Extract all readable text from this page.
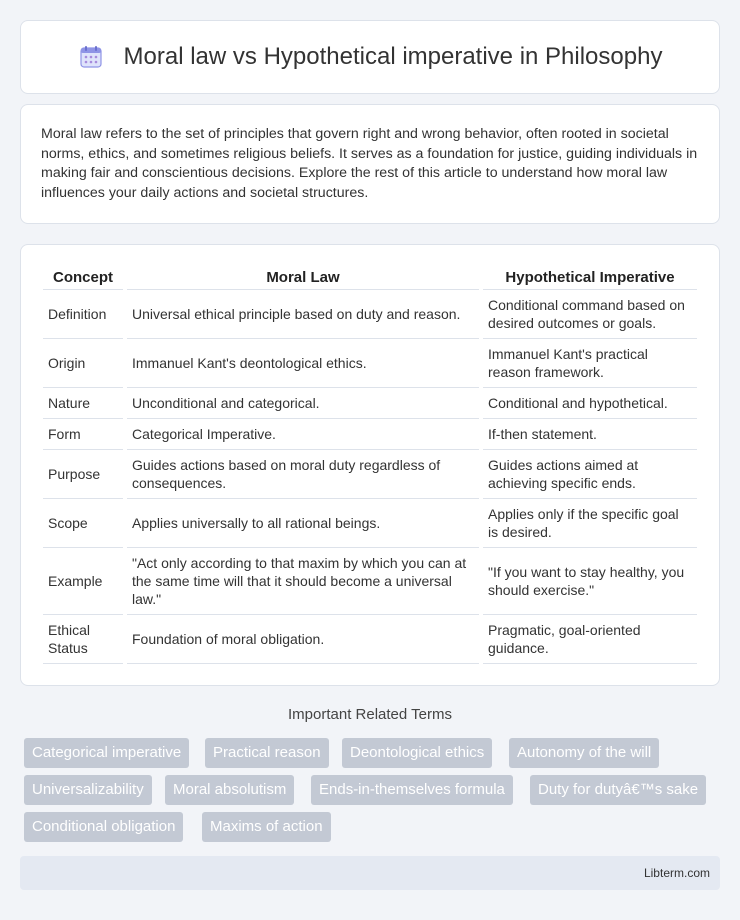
Moral law vs Hypothetical imperative in Philosophy

Moral law refers to the set of principles that govern right and wrong behavior, often rooted in societal norms, ethics, and sometimes religious beliefs. It serves as a foundation for justice, guiding individuals in making fair and conscientious decisions. Explore the rest of this article to understand how moral law influences your daily actions and societal structures.

Concept	Moral Law	Hypothetical Imperative
Definition	Universal ethical principle based on duty and reason.	Conditional command based on desired outcomes or goals.
Origin	Immanuel Kant's deontological ethics.	Immanuel Kant's practical reason framework.
Nature	Unconditional and categorical.	Conditional and hypothetical.
Form	Categorical Imperative.	If-then statement.
Purpose	Guides actions based on moral duty regardless of consequences.	Guides actions aimed at achieving specific ends.
Scope	Applies universally to all rational beings.	Applies only if the specific goal is desired.
Example	"Act only according to that maxim by which you can at the same time will that it should become a universal law."	"If you want to stay healthy, you should exercise."
Ethical Status	Foundation of moral obligation.	Pragmatic, goal-oriented guidance.
Important Related Terms
Categorical imperative	Practical reason	Deontological ethics	Autonomy of the will
Universalizability	Moral absolutism	Ends-in-themselves formula	Duty for dutyâ€™s sake
Conditional obligation	Maxims of action
Libterm.com
